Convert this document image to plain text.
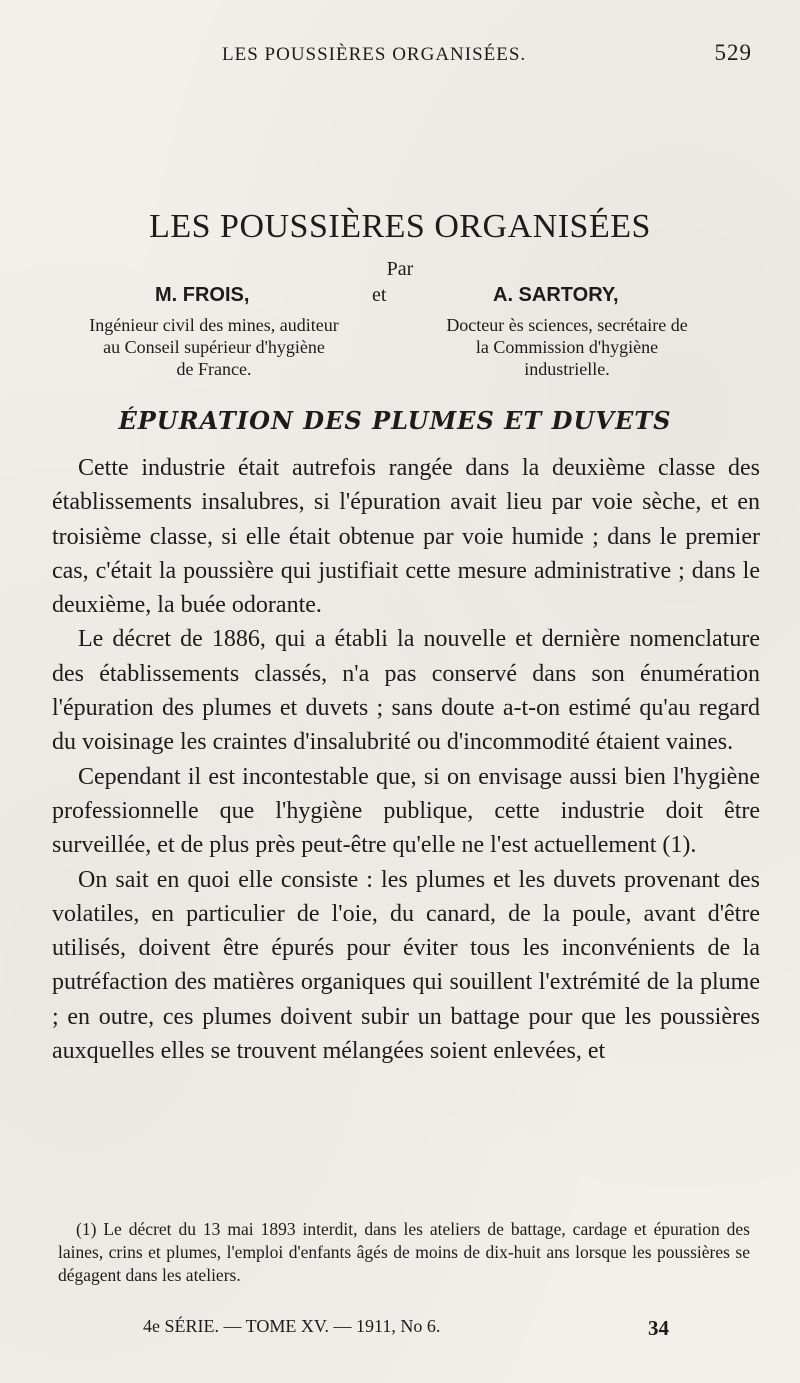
LES POUSSIÈRES ORGANISÉES.	529
LES POUSSIÈRES ORGANISÉES
Par
M. FROIS,	et	A. SARTORY,
Ingénieur civil des mines, auditeur
au Conseil supérieur d'hygiène
de France.
Docteur ès sciences, secrétaire de
la Commission d'hygiène
industrielle.
ÉPURATION DES PLUMES ET DUVETS

Cette industrie était autrefois rangée dans la deuxième classe des établissements insalubres, si l'épuration avait lieu par voie sèche, et en troisième classe, si elle était obtenue par voie humide ; dans le premier cas, c'était la poussière qui justifiait cette mesure administrative ; dans le deuxième, la buée odorante.

Le décret de 1886, qui a établi la nouvelle et dernière nomenclature des établissements classés, n'a pas conservé dans son énumération l'épuration des plumes et duvets ; sans doute a-t-on estimé qu'au regard du voisinage les craintes d'insalubrité ou d'incommodité étaient vaines.

Cependant il est incontestable que, si on envisage aussi bien l'hygiène professionnelle que l'hygiène publique, cette industrie doit être surveillée, et de plus près peut-être qu'elle ne l'est actuellement (1).

On sait en quoi elle consiste : les plumes et les duvets provenant des volatiles, en particulier de l'oie, du canard, de la poule, avant d'être utilisés, doivent être épurés pour éviter tous les inconvénients de la putréfaction des matières organiques qui souillent l'extrémité de la plume ; en outre, ces plumes doivent subir un battage pour que les poussières auxquelles elles se trouvent mélangées soient enlevées, et

(1) Le décret du 13 mai 1893 interdit, dans les ateliers de battage, cardage et épuration des laines, crins et plumes, l'emploi d'enfants âgés de moins de dix-huit ans lorsque les poussières se dégagent dans les ateliers.

4e SÉRIE. — TOME XV. — 1911, No 6.	34
